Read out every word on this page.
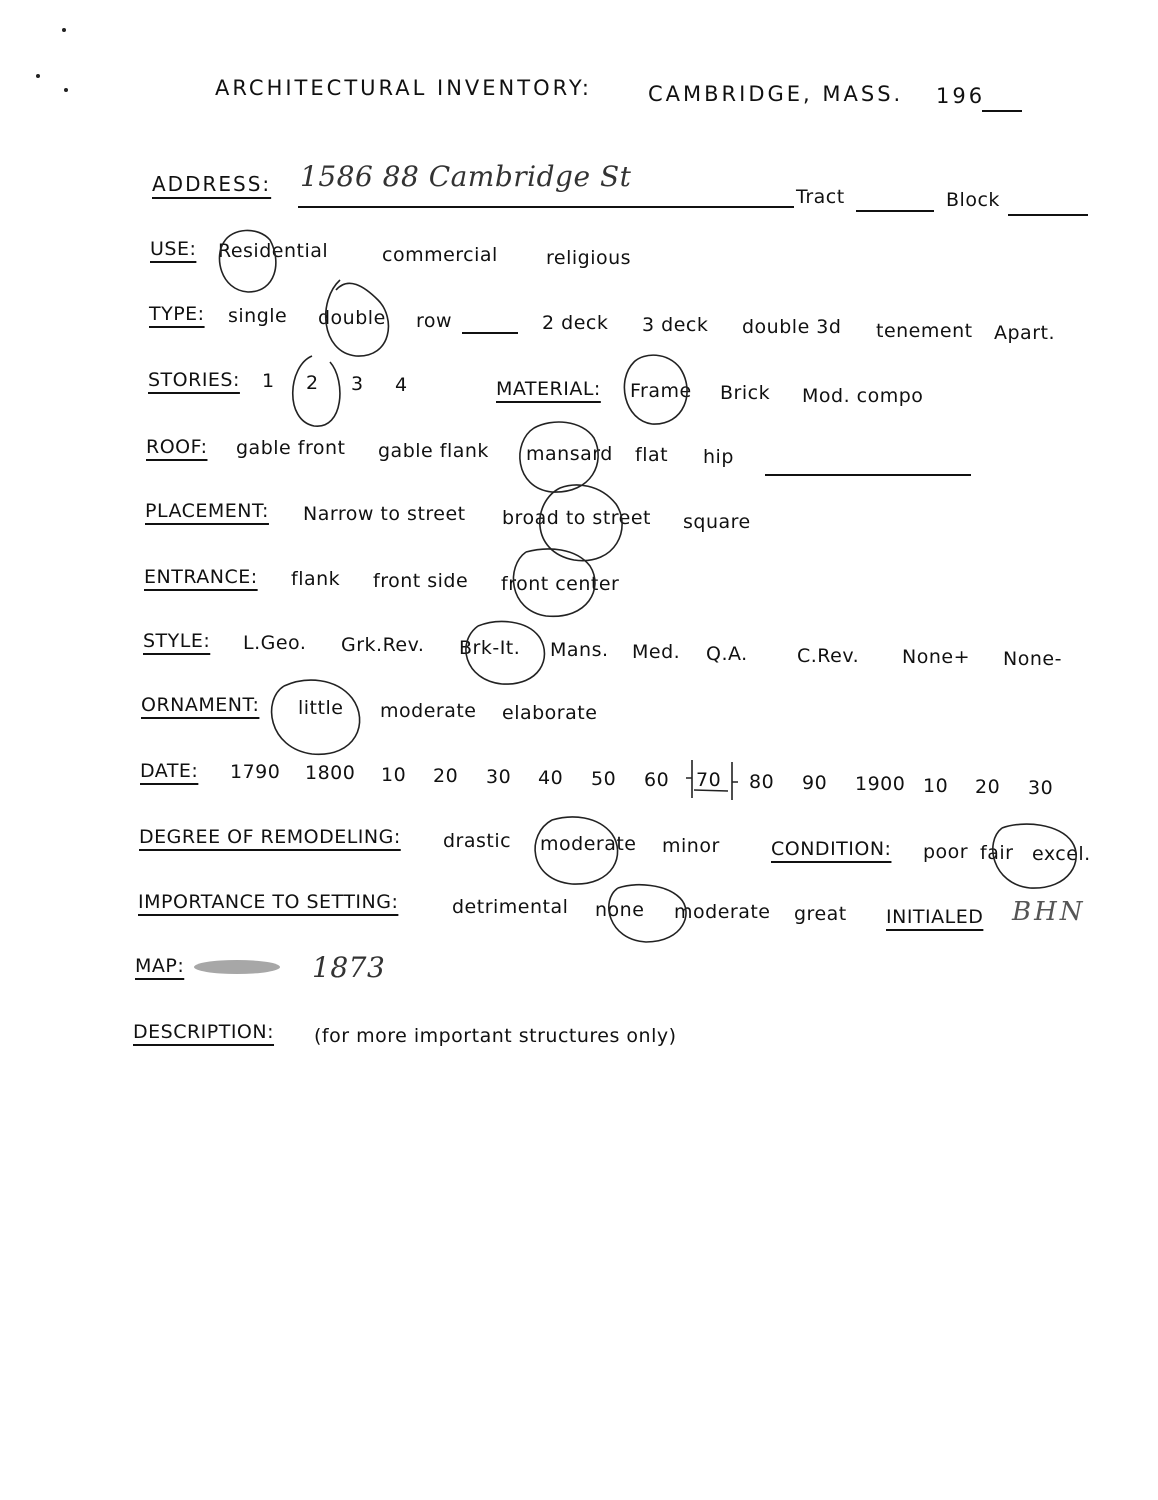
ARCHITECTURAL INVENTORY:	CAMBRIDGE, MASS. 196
ADDRESS: 1586 88 Cambridge St
Tract	Block
USE: Residential	commercial	religious
TYPE: single double row	2 deck 3 deck double 3d tenement Apart.
STORIES: 1 2 3 4	MATERIAL: Frame Brick Mod. compo
ROOF: gable front gable flank mansard flat hip
PLACEMENT: Narrow to street broad to street square
ENTRANCE: flank front side front center
STYLE: L.Geo. Grk.Rev. Brk-It. Mans. Med. Q.A.	C.Rev. None+ None-
ORNAMENT: little moderate elaborate
DATE: 1790 1800 10 20 30 40 50 60 70 80 90 1900 10 20 30
DEGREE OF REMODELING: drastic moderate minor	CONDITION: poor fair excel.
IMPORTANCE TO SETTING:	detrimental none moderate great INITIALED BHN
MAP:	1873
DESCRIPTION: (for more important structures only)
